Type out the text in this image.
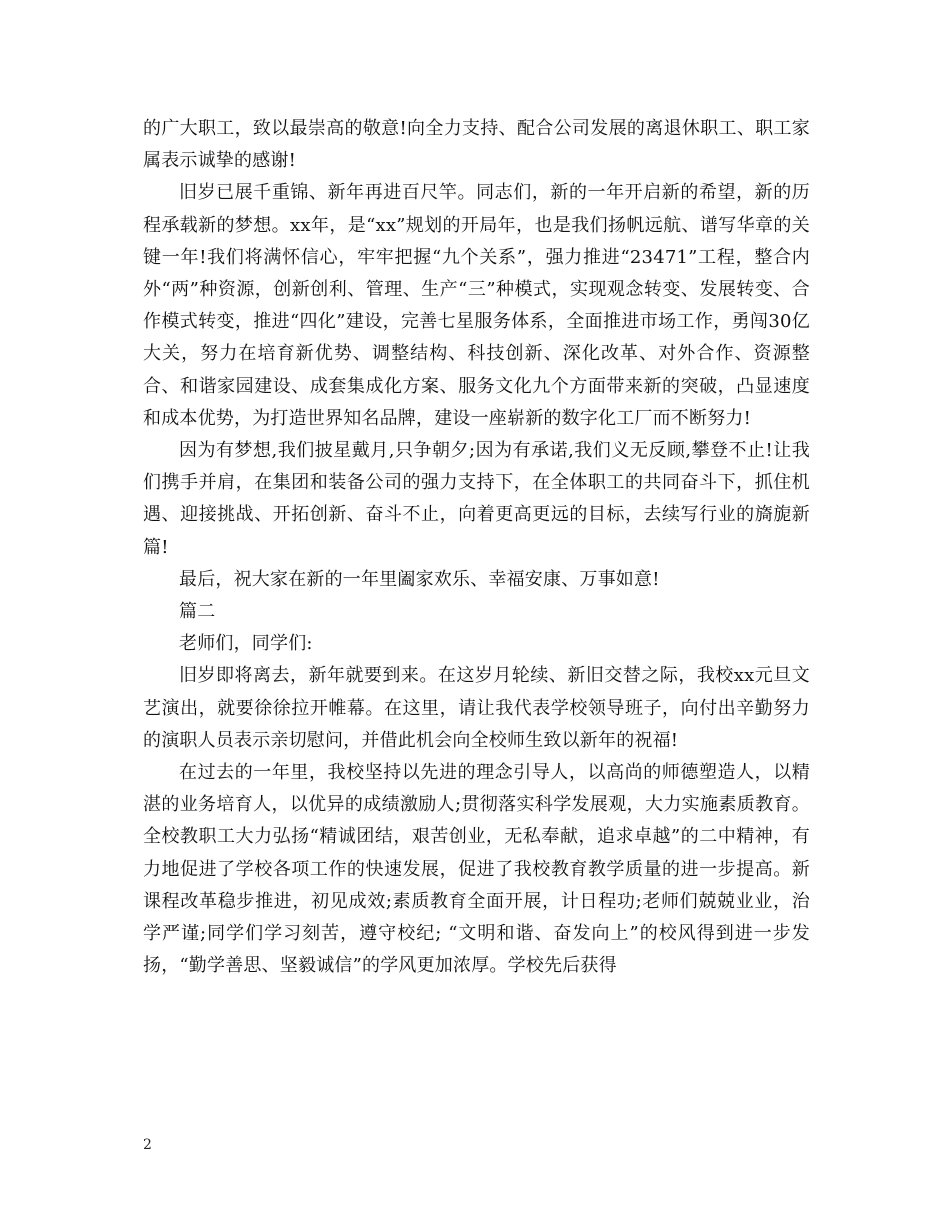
的广大职工，致以最崇高的敬意!向全力支持、配合公司发展的离退休职工、职工家属表示诚挚的感谢!

旧岁已展千重锦、新年再进百尺竿。同志们，新的一年开启新的希望，新的历程承载新的梦想。xx年，是“xx”规划的开局年，也是我们扬帆远航、谱写华章的关键一年!我们将满怀信心，牢牢把握“九个关系”，强力推进“23471”工程，整合内外“两”种资源，创新创利、管理、生产“三”种模式，实现观念转变、发展转变、合作模式转变，推进“四化”建设，完善七星服务体系，全面推进市场工作，勇闯30亿大关，努力在培育新优势、调整结构、科技创新、深化改革、对外合作、资源整合、和谐家园建设、成套集成化方案、服务文化九个方面带来新的突破，凸显速度和成本优势，为打造世界知名品牌，建设一座崭新的数字化工厂而不断努力!

因为有梦想,我们披星戴月,只争朝夕;因为有承诺,我们义无反顾,攀登不止!让我们携手并肩，在集团和装备公司的强力支持下，在全体职工的共同奋斗下，抓住机遇、迎接挑战、开拓创新、奋斗不止，向着更高更远的目标，去续写行业的旖旎新篇!

最后，祝大家在新的一年里阖家欢乐、幸福安康、万事如意!

篇二

老师们，同学们:

旧岁即将离去，新年就要到来。在这岁月轮续、新旧交替之际，我校xx元旦文艺演出，就要徐徐拉开帷幕。在这里，请让我代表学校领导班子，向付出辛勤努力的演职人员表示亲切慰问，并借此机会向全校师生致以新年的祝福!

在过去的一年里，我校坚持以先进的理念引导人，以高尚的师德塑造人，以精湛的业务培育人，以优异的成绩激励人;贯彻落实科学发展观，大力实施素质教育。全校教职工大力弘扬“精诚团结，艰苦创业，无私奉献，追求卓越”的二中精神，有力地促进了学校各项工作的快速发展，促进了我校教育教学质量的进一步提高。新课程改革稳步推进，初见成效;素质教育全面开展，计日程功;老师们兢兢业业，治学严谨;同学们学习刻苦，遵守校纪; “文明和谐、奋发向上”的校风得到进一步发扬，“勤学善思、坚毅诚信”的学风更加浓厚。学校先后获得

2
